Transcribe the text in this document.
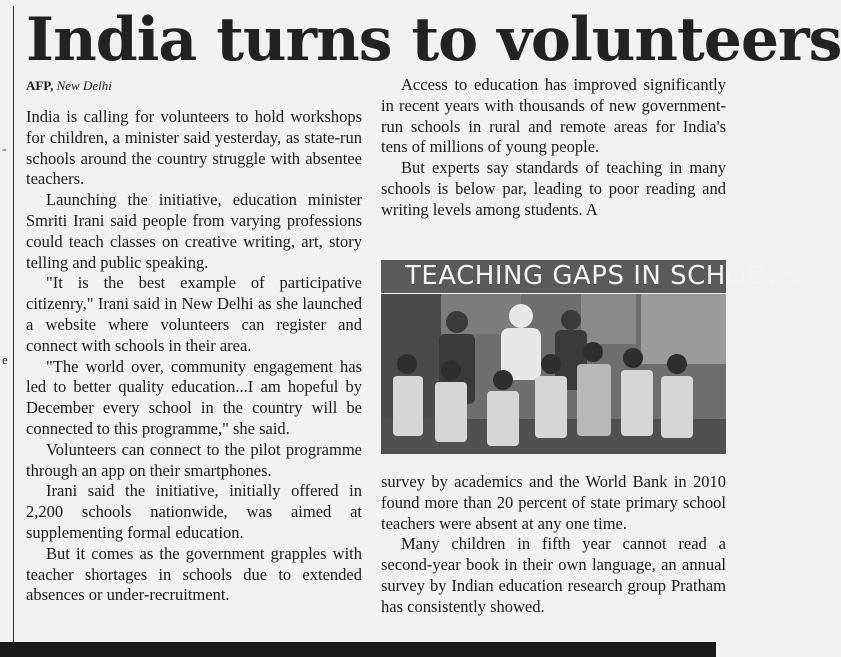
-
e
India turns to volunteers
AFP, New Delhi

India is calling for volunteers to hold workshops for children, a minister said yesterday, as state-run schools around the country struggle with absentee teachers.

Launching the initiative, education minister Smriti Irani said people from varying professions could teach classes on creative writing, art, story telling and public speaking.

"It is the best example of participative citizenry," Irani said in New Delhi as she launched a website where volunteers can register and connect with schools in their area.

"The world over, community engagement has led to better quality education...I am hopeful by December every school in the country will be connected to this programme," she said.

Volunteers can connect to the pilot programme through an app on their smartphones.

Irani said the initiative, initially offered in 2,200 schools nationwide, was aimed at supplementing formal education.

But it comes as the government grapples with teacher shortages in schools due to extended absences or under-recruitment.

Access to education has improved significantly in recent years with thousands of new government-run schools in rural and remote areas for India's tens of millions of young people.

But experts say standards of teaching in many schools is below par, leading to poor reading and writing levels among students. A

TEACHING GAPS IN SCHOOLS

survey by academics and the World Bank in 2010 found more than 20 percent of state primary school teachers were absent at any one time.

Many children in fifth year cannot read a second-year book in their own language, an annual survey by Indian education research group Pratham has consistently showed.
